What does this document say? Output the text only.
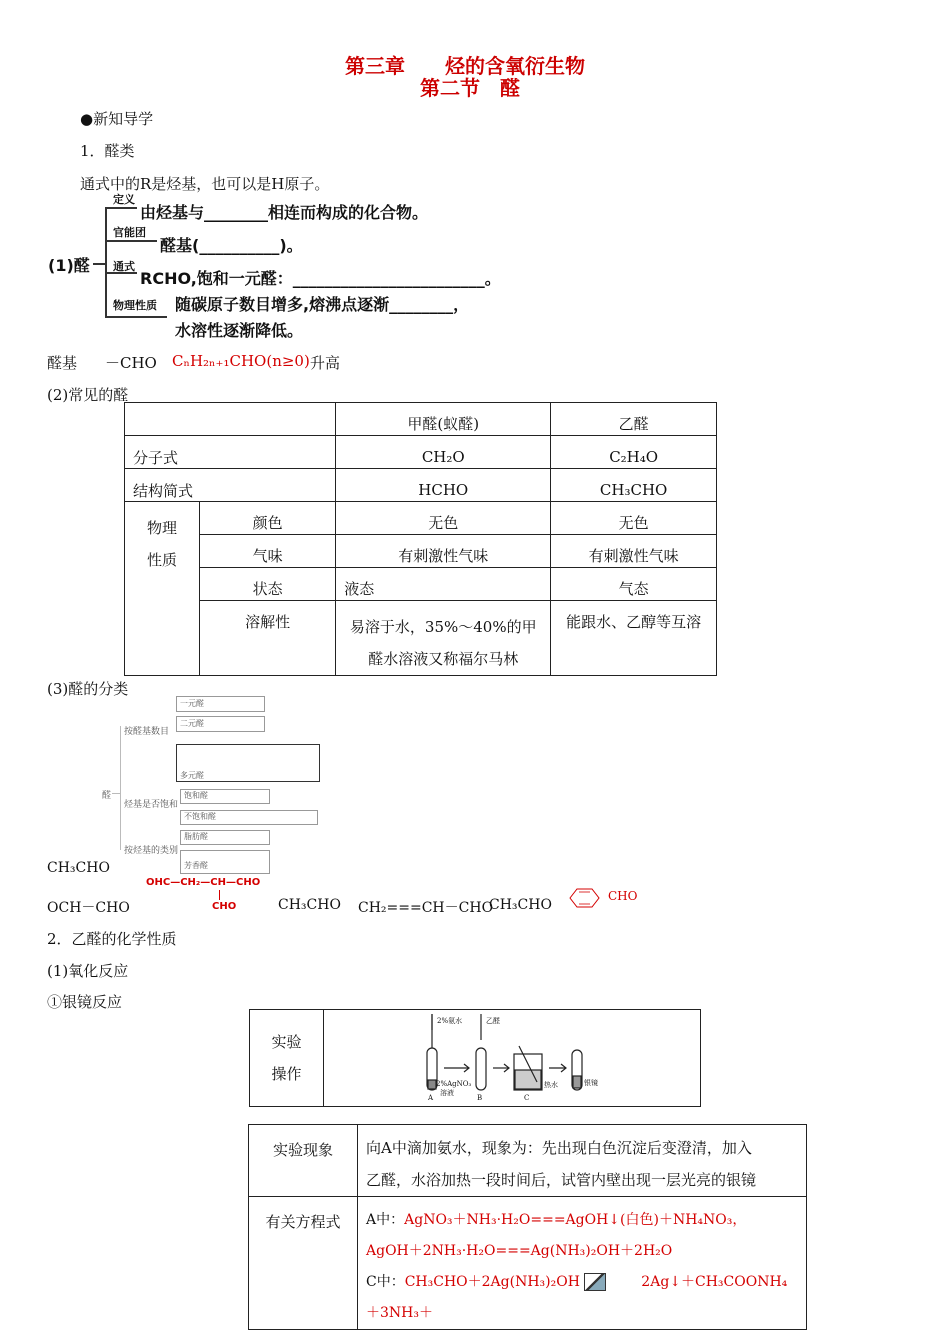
第三章　　烃的含氧衍生物
第二节　醛
●新知导学
1．醛类
通式中的R是烃基，也可以是H原子。
(1)醛
定义
由烃基与________相连而构成的化合物。
官能团
醛基(__________)。
通式
RCHO,饱和一元醛：________________________。
物理性质 随碳原子数目增多,熔沸点逐渐________，
水溶性逐渐降低。
醛基 －CHO CₙH₂ₙ₊₁CHO(n≥0) 升高
(2)常见的醛
		甲醛(蚁醛)	乙醛
分子式		CH₂O	C₂H₄O
结构简式		HCHO	CH₃CHO
物理
性质	颜色	无色	无色
	气味	有刺激性气味	有刺激性气味
	状态	液态	气态
	溶解性	易溶于水，35%～40%的甲
醛水溶液又称福尔马林	能跟水、乙醇等互溶
(3)醛的分类
醛
按醛基数目
烃基是否饱和
按烃基的类别
一元醛
二元醛
多元醛
饱和醛
不饱和醛
脂肪醛
芳香醛
CH₃CHO
OHC—CH₂—CH—CHO
CHO
OCH－CHO	CH₃CHO CH₂===CH－CHO
CH₃CHO
CHO
2．乙醛的化学性质
(1)氧化反应
①银镜反应
实验
操作	
2%氨水	乙醛
2%AgNO₃
溶液
热水	银镜
A	B	C
实验现象	向A中滴加氨水，现象为：先出现白色沉淀后变澄清，加入
乙醛，水浴加热一段时间后，试管内壁出现一层光亮的银镜
有关方程式	A中：AgNO₃＋NH₃·H₂O===AgOH↓(白色)＋NH₄NO₃，
AgOH＋2NH₃·H₂O===Ag(NH₃)₂OH＋2H₂O
C中：CH₃CHO＋2Ag(NH₃)₂OH 2Ag↓＋CH₃COONH₄＋3NH₃＋
